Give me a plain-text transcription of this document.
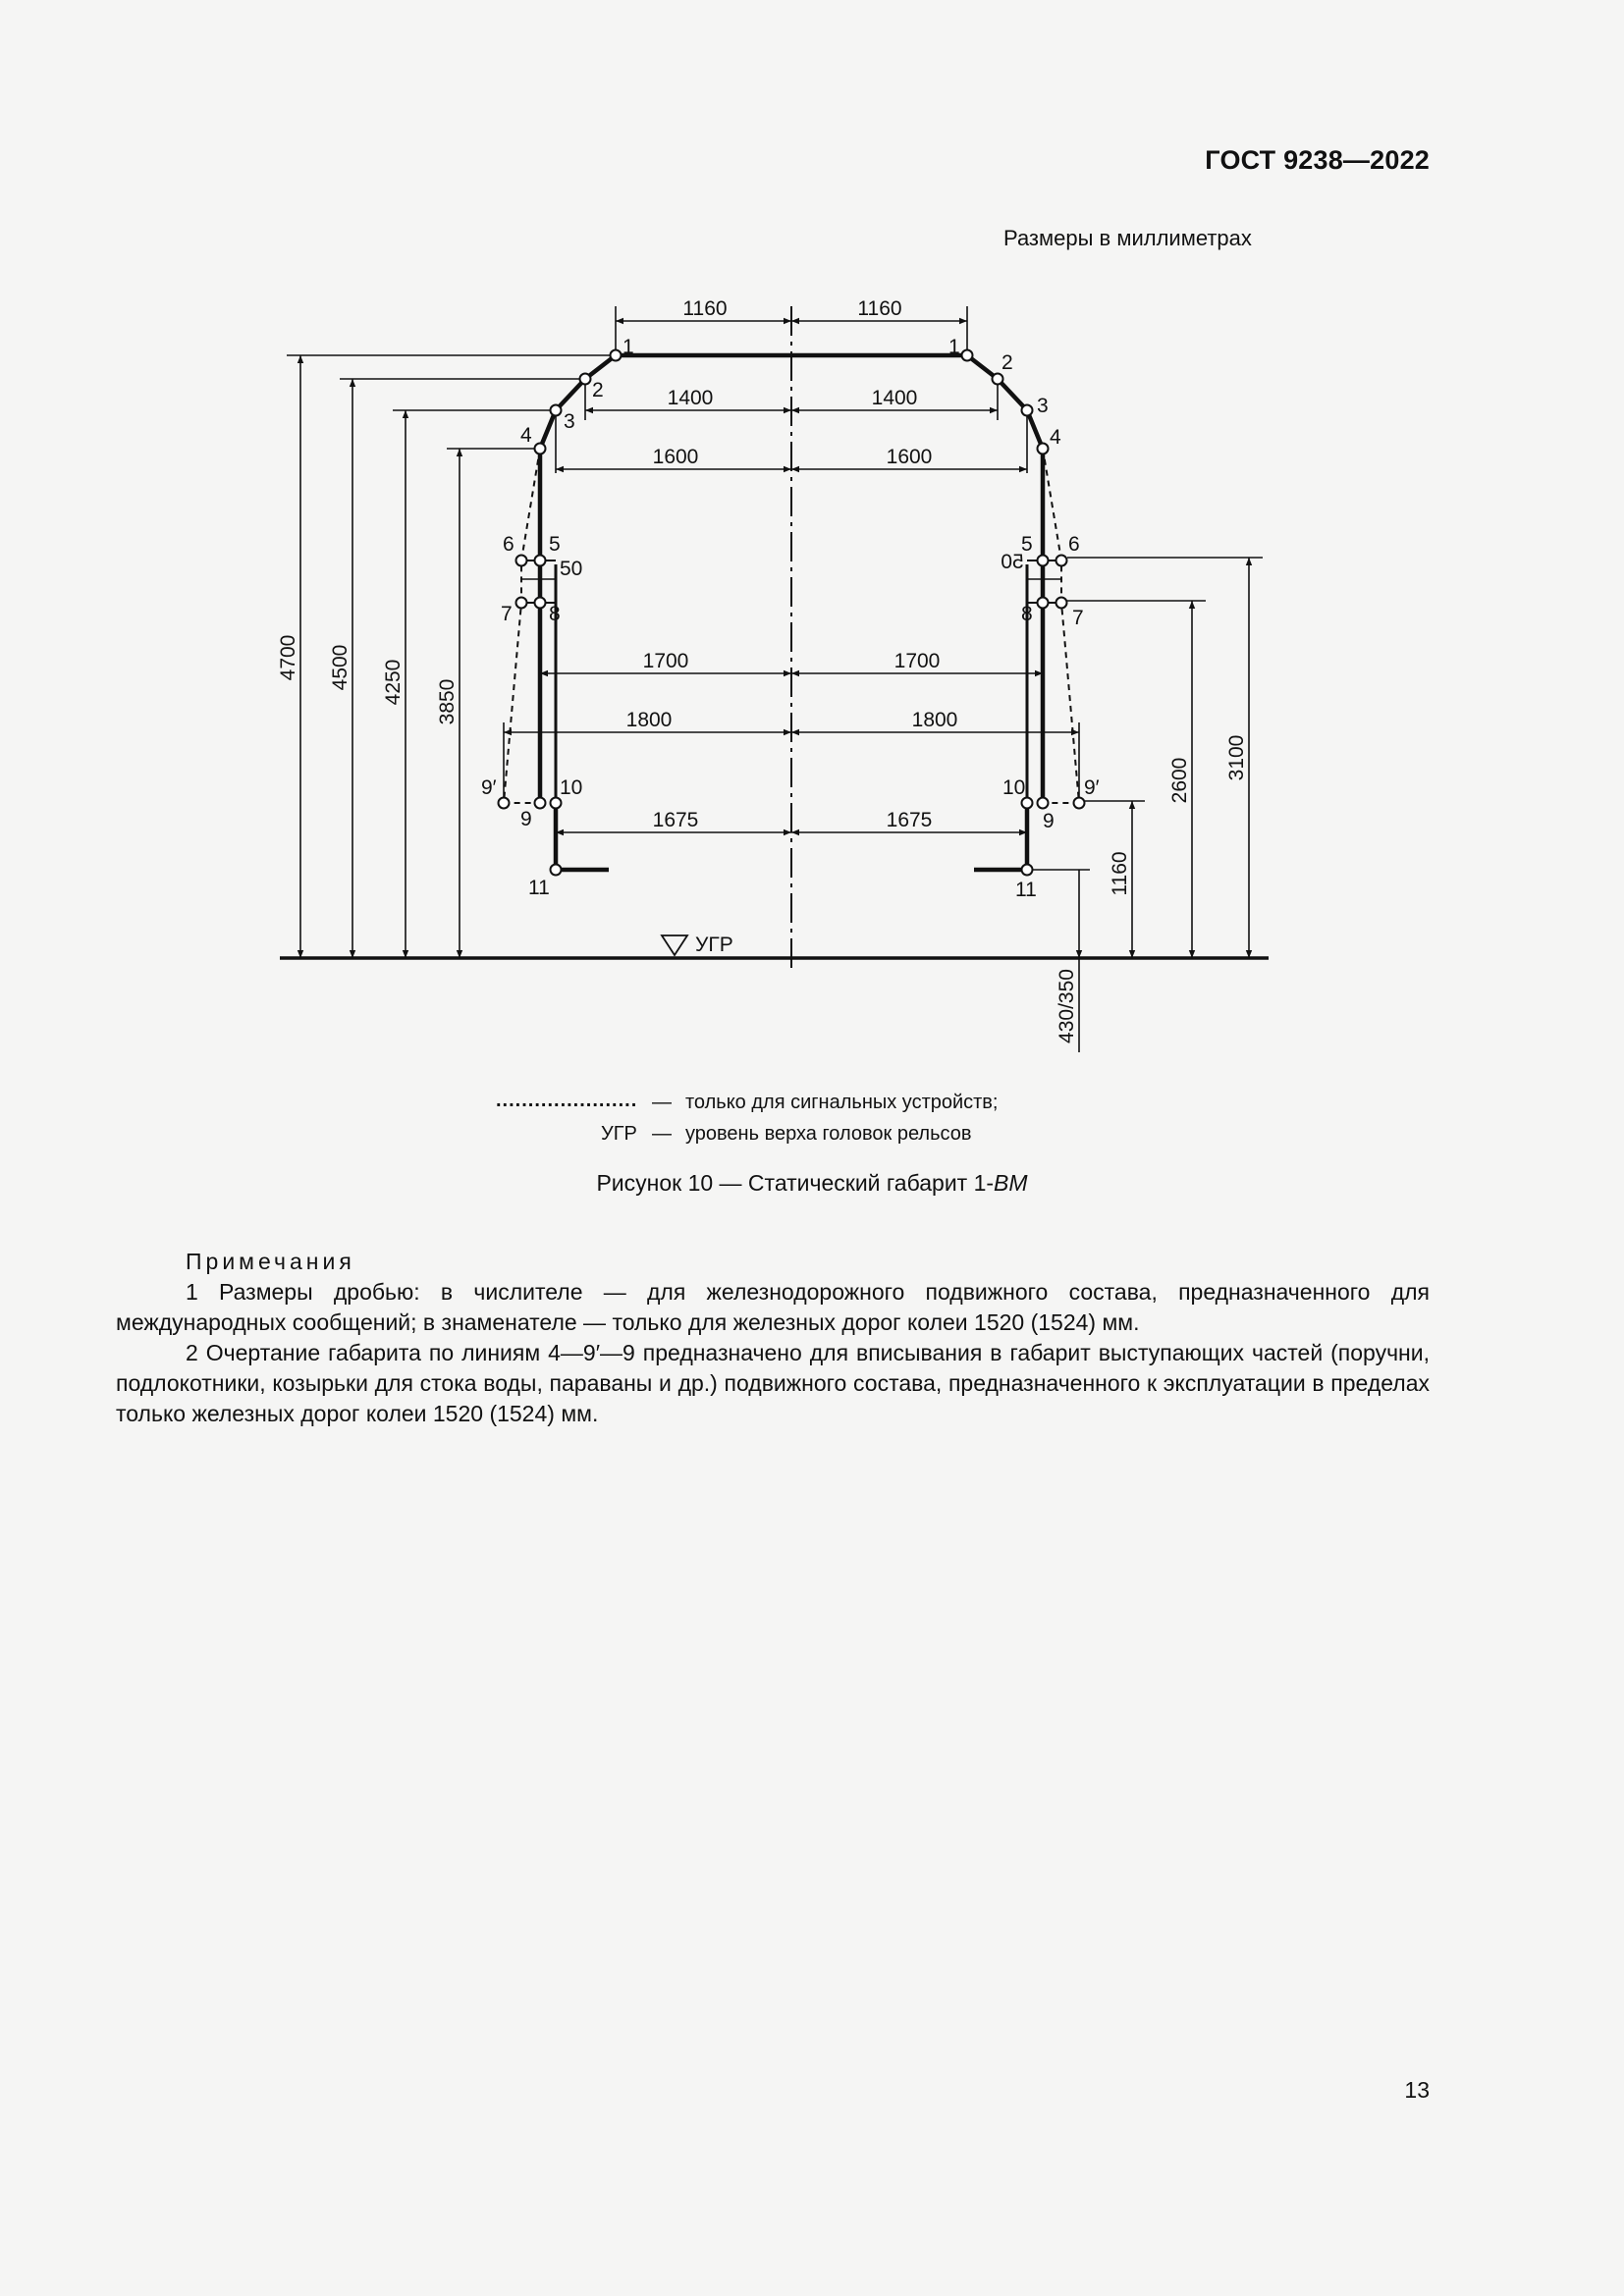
ГОСТ 9238—2022
Размеры в миллиметрах
1160	1160
1400	1400
1600	1600
1700	1700
1800	1800
1675	1675
4700 4500 4250 3850
3100
2600
1160
430/350
50	50
1
2
3
4
5
6
7 8
9
9′	10
11
1
2
3
4
5 6
7
8
9
9′
10
11
УГР
...................... — только для сигнальных устройств;
УГР — уровень верха головок рельсов
Рисунок 10 — Статический габарит 1-ВМ
Примечания
1 Размеры дробью: в числителе — для железнодорожного подвижного состава, предназначенного для международных сообщений; в знаменателе — только для железных дорог колеи 1520 (1524) мм.
2 Очертание габарита по линиям 4—9′—9 предназначено для вписывания в габарит выступающих частей (поручни, подлокотники, козырьки для стока воды, параваны и др.) подвижного состава, предназначенного к эксплуатации в пределах только железных дорог колеи 1520 (1524) мм.
13
